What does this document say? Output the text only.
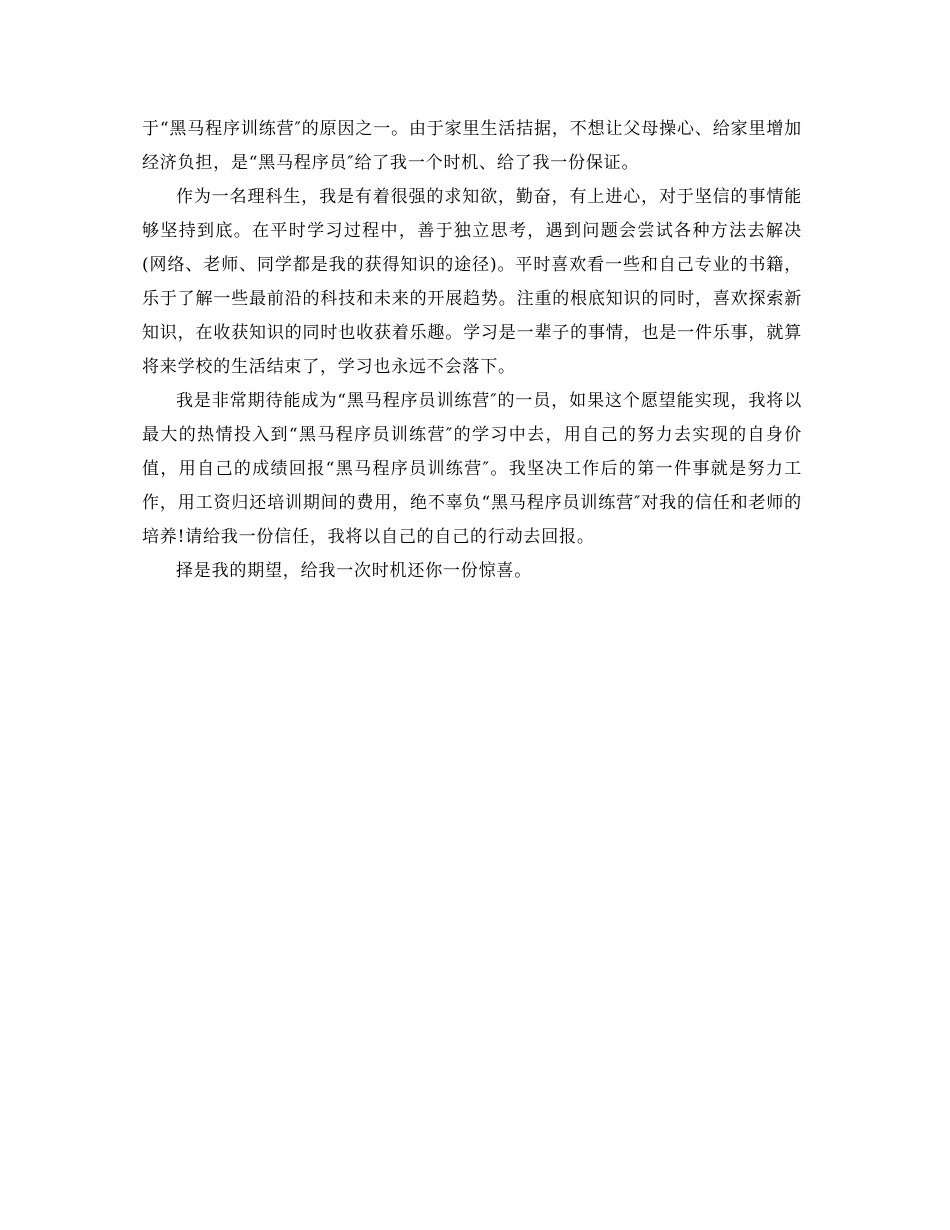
于“黑马程序训练营″的原因之一。由于家里生活拮据，不想让父母操心、给家里增加经济负担，是“黑马程序员″给了我一个时机、给了我一份保证。

作为一名理科生，我是有着很强的求知欲，勤奋，有上进心，对于坚信的事情能够坚持到底。在平时学习过程中，善于独立思考，遇到问题会尝试各种方法去解决(网络、老师、同学都是我的获得知识的途径)。平时喜欢看一些和自己专业的书籍，乐于了解一些最前沿的科技和未来的开展趋势。注重的根底知识的同时，喜欢探索新知识，在收获知识的同时也收获着乐趣。学习是一辈子的事情，也是一件乐事，就算将来学校的生活结束了，学习也永远不会落下。

我是非常期待能成为“黑马程序员训练营″的一员，如果这个愿望能实现，我将以最大的热情投入到“黑马程序员训练营″的学习中去，用自己的努力去实现的自身价值，用自己的成绩回报“黑马程序员训练营″。我坚决工作后的第一件事就是努力工作，用工资归还培训期间的费用，绝不辜负“黑马程序员训练营″对我的信任和老师的培养!请给我一份信任，我将以自己的自己的行动去回报。

择是我的期望，给我一次时机还你一份惊喜。
